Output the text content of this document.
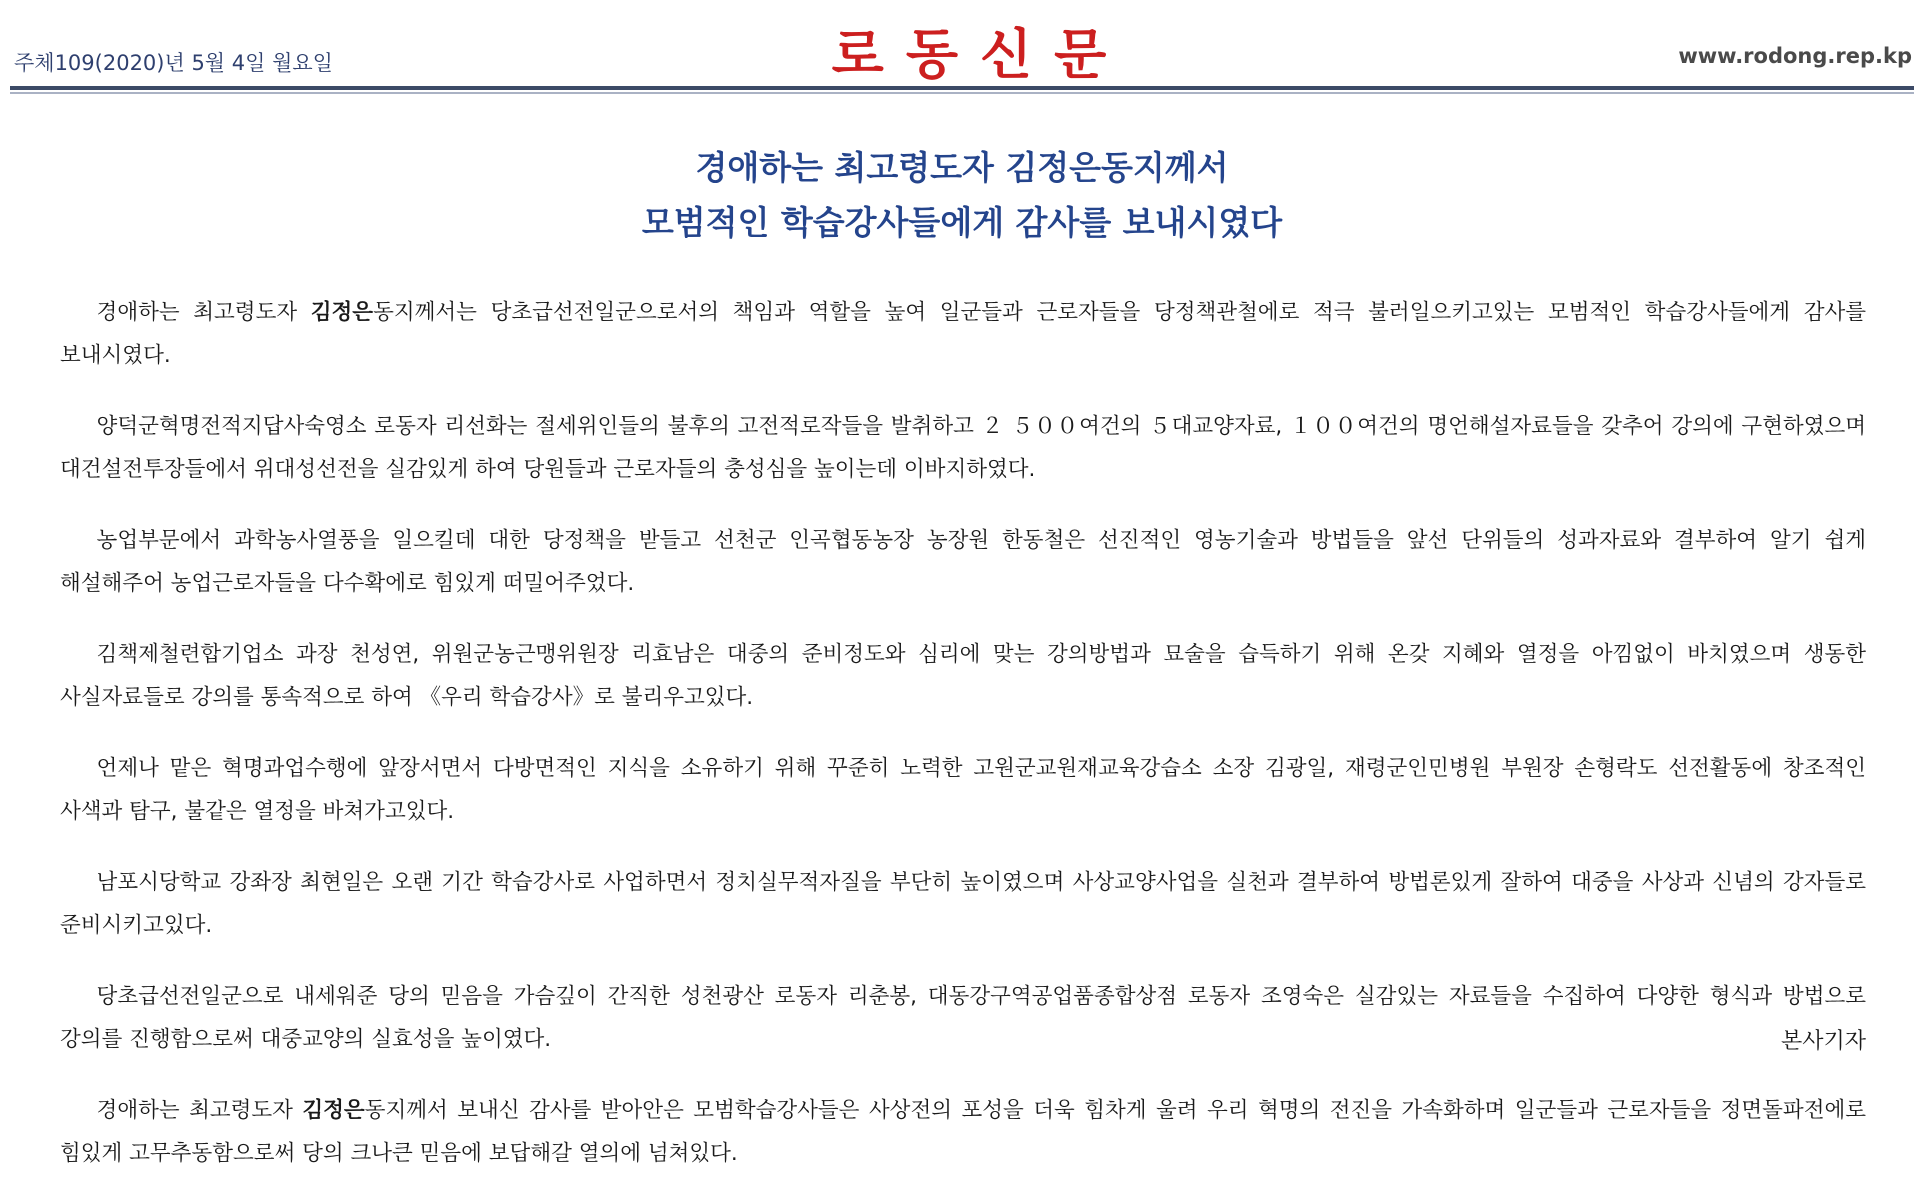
주체109(2020)년 5월 4일 월요일	로동신문	www.rodong.rep.kp
경애하는 최고령도자 김정은동지께서
모범적인 학습강사들에게 감사를 보내시였다

경애하는 최고령도자 김정은동지께서는 당초급선전일군으로서의 책임과 역할을 높여 일군들과 근로자들을 당정책관철에로 적극 불러일으키고있는 모범적인 학습강사들에게 감사를 보내시였다.

양덕군혁명전적지답사숙영소 로동자 리선화는 절세위인들의 불후의 고전적로작들을 발취하고 ２ ５００여건의 ５대교양자료, １００여건의 명언해설자료들을 갖추어 강의에 구현하였으며 대건설전투장들에서 위대성선전을 실감있게 하여 당원들과 근로자들의 충성심을 높이는데 이바지하였다.

농업부문에서 과학농사열풍을 일으킬데 대한 당정책을 받들고 선천군 인곡협동농장 농장원 한동철은 선진적인 영농기술과 방법들을 앞선 단위들의 성과자료와 결부하여 알기 쉽게 해설해주어 농업근로자들을 다수확에로 힘있게 떠밀어주었다.

김책제철련합기업소 과장 천성연, 위원군농근맹위원장 리효남은 대중의 준비정도와 심리에 맞는 강의방법과 묘술을 습득하기 위해 온갖 지혜와 열정을 아낌없이 바치였으며 생동한 사실자료들로 강의를 통속적으로 하여 《우리 학습강사》로 불리우고있다.

언제나 맡은 혁명과업수행에 앞장서면서 다방면적인 지식을 소유하기 위해 꾸준히 노력한 고원군교원재교육강습소 소장 김광일, 재령군인민병원 부원장 손형락도 선전활동에 창조적인 사색과 탐구, 불같은 열정을 바쳐가고있다.

남포시당학교 강좌장 최현일은 오랜 기간 학습강사로 사업하면서 정치실무적자질을 부단히 높이였으며 사상교양사업을 실천과 결부하여 방법론있게 잘하여 대중을 사상과 신념의 강자들로 준비시키고있다.

당초급선전일군으로 내세워준 당의 믿음을 가슴깊이 간직한 성천광산 로동자 리춘봉, 대동강구역공업품종합상점 로동자 조영숙은 실감있는 자료들을 수집하여 다양한 형식과 방법으로 강의를 진행함으로써 대중교양의 실효성을 높이였다.

경애하는 최고령도자 김정은동지께서 보내신 감사를 받아안은 모범학습강사들은 사상전의 포성을 더욱 힘차게 울려 우리 혁명의 전진을 가속화하며 일군들과 근로자들을 정면돌파전에로 힘있게 고무추동함으로써 당의 크나큰 믿음에 보답해갈 열의에 넘쳐있다.

본사기자
